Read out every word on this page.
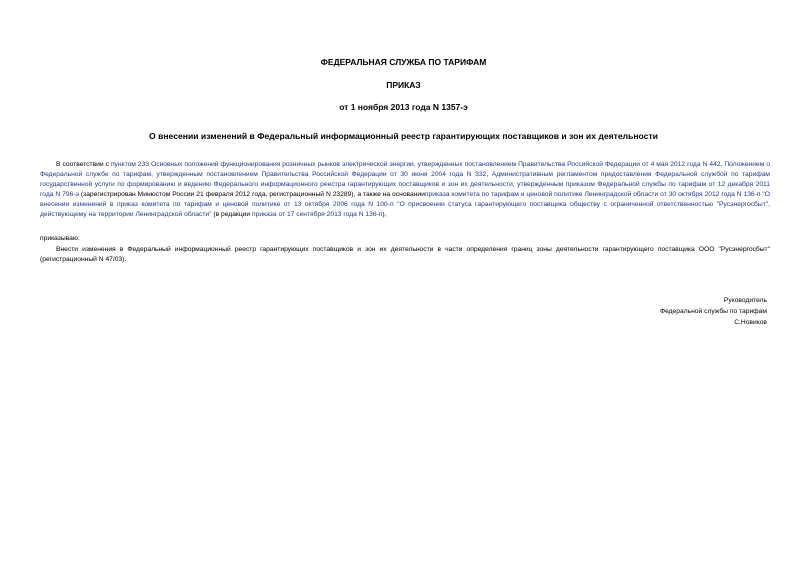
ФЕДЕРАЛЬНАЯ СЛУЖБА ПО ТАРИФАМ
ПРИКАЗ
от 1 ноября 2013 года N 1357-э
О внесении изменений в Федеральный информационный реестр гарантирующих поставщиков и зон их деятельности

В соответствии с пунктом 233 Основных положений функционирования розничных рынков электрической энергии, утвержденных постановлением Правительства Российской Федерации от 4 мая 2012 года N 442, Положением о Федеральной службе по тарифам, утвержденным постановлением Правительства Российской Федерации от 30 июня 2004 года N 332, Административным регламентом предоставления Федеральной службой по тарифам государственной услуги по формированию и ведению Федерального информационного реестра гарантирующих поставщиков и зон их деятельности, утвержденным приказом Федеральной службы по тарифам от 12 декабря 2011 года N 796-э (зарегистрирован Минюстом России 21 февраля 2012 года, регистрационный N 23289), а также на основанииприказа комитета по тарифам и ценовой политике Ленинградской области от 30 октября 2012 года N 136-п "О внесении изменений в приказ комитета по тарифам и ценовой политике от 13 октября 2006 года N 100-п "О присвоении статуса гарантирующего поставщика обществу с ограниченной ответственностью "Русэнергосбыт", действующему на территории Ленинградской области" (в редакции приказа от 17 сентября 2013 года N 136-п),

приказываю:

Внести изменения в Федеральный информационный реестр гарантирующих поставщиков и зон их деятельности в части определения границ зоны деятельности гарантирующего поставщика ООО "Русэнергосбыт" (регистрационный N 47/03).

Руководитель
Федеральной службы по тарифам
С.Новиков
